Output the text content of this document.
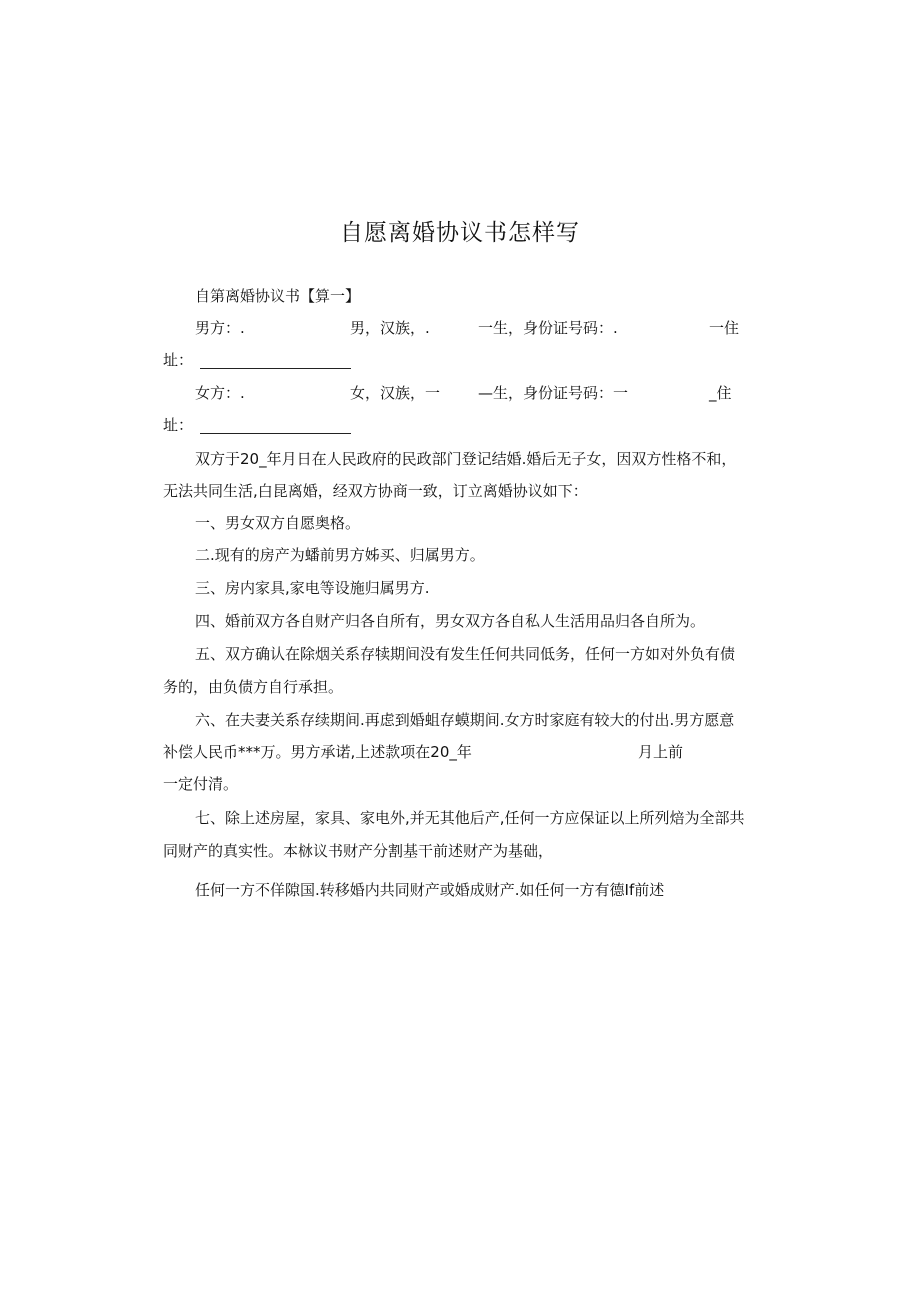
自愿离婚协议书怎样写
自第离婚协议书【算一】
男方：.	男，汉族，.	一生，身份证号码：.	一住
址：
女方：.	女，汉族，一	—生，身份证号码：一	_住
址：
双方于20_年月日在人民政府的民政部门登记结婚.婚后无子女，因双方性格不和，
无法共同生活,白昆离婚，经双方协商一致，订立离婚协议如下：
一、男女双方自愿奥格。
二.现有的房产为蟠前男方姊买、归属男方。
三、房内家具,家电等设施归属男方.
四、婚前双方各自财产归各自所有，男女双方各自私人生活用品归各自所为。
五、双方确认在除烟关系存犊期间没有发生任何共同低务，任何一方如对外负有债
务的，由负债方自行承担。
六、在夫妻关系存续期间.再虑到婚蛆存蟆期间.女方时家庭有较大的付出.男方愿意
补偿人民币***万。男方承诺,上述款项在20_年	月上前
一定付清。
七、除上述房屋，家具、家电外,并无其他后产,任何一方应保证以上所列焙为全部共
同财产的真实性。本栤议书财产分割基干前述财产为基础，
任何一方不佯隙国.转移婚内共同财产或婚成财产.如任何一方有德If前述
